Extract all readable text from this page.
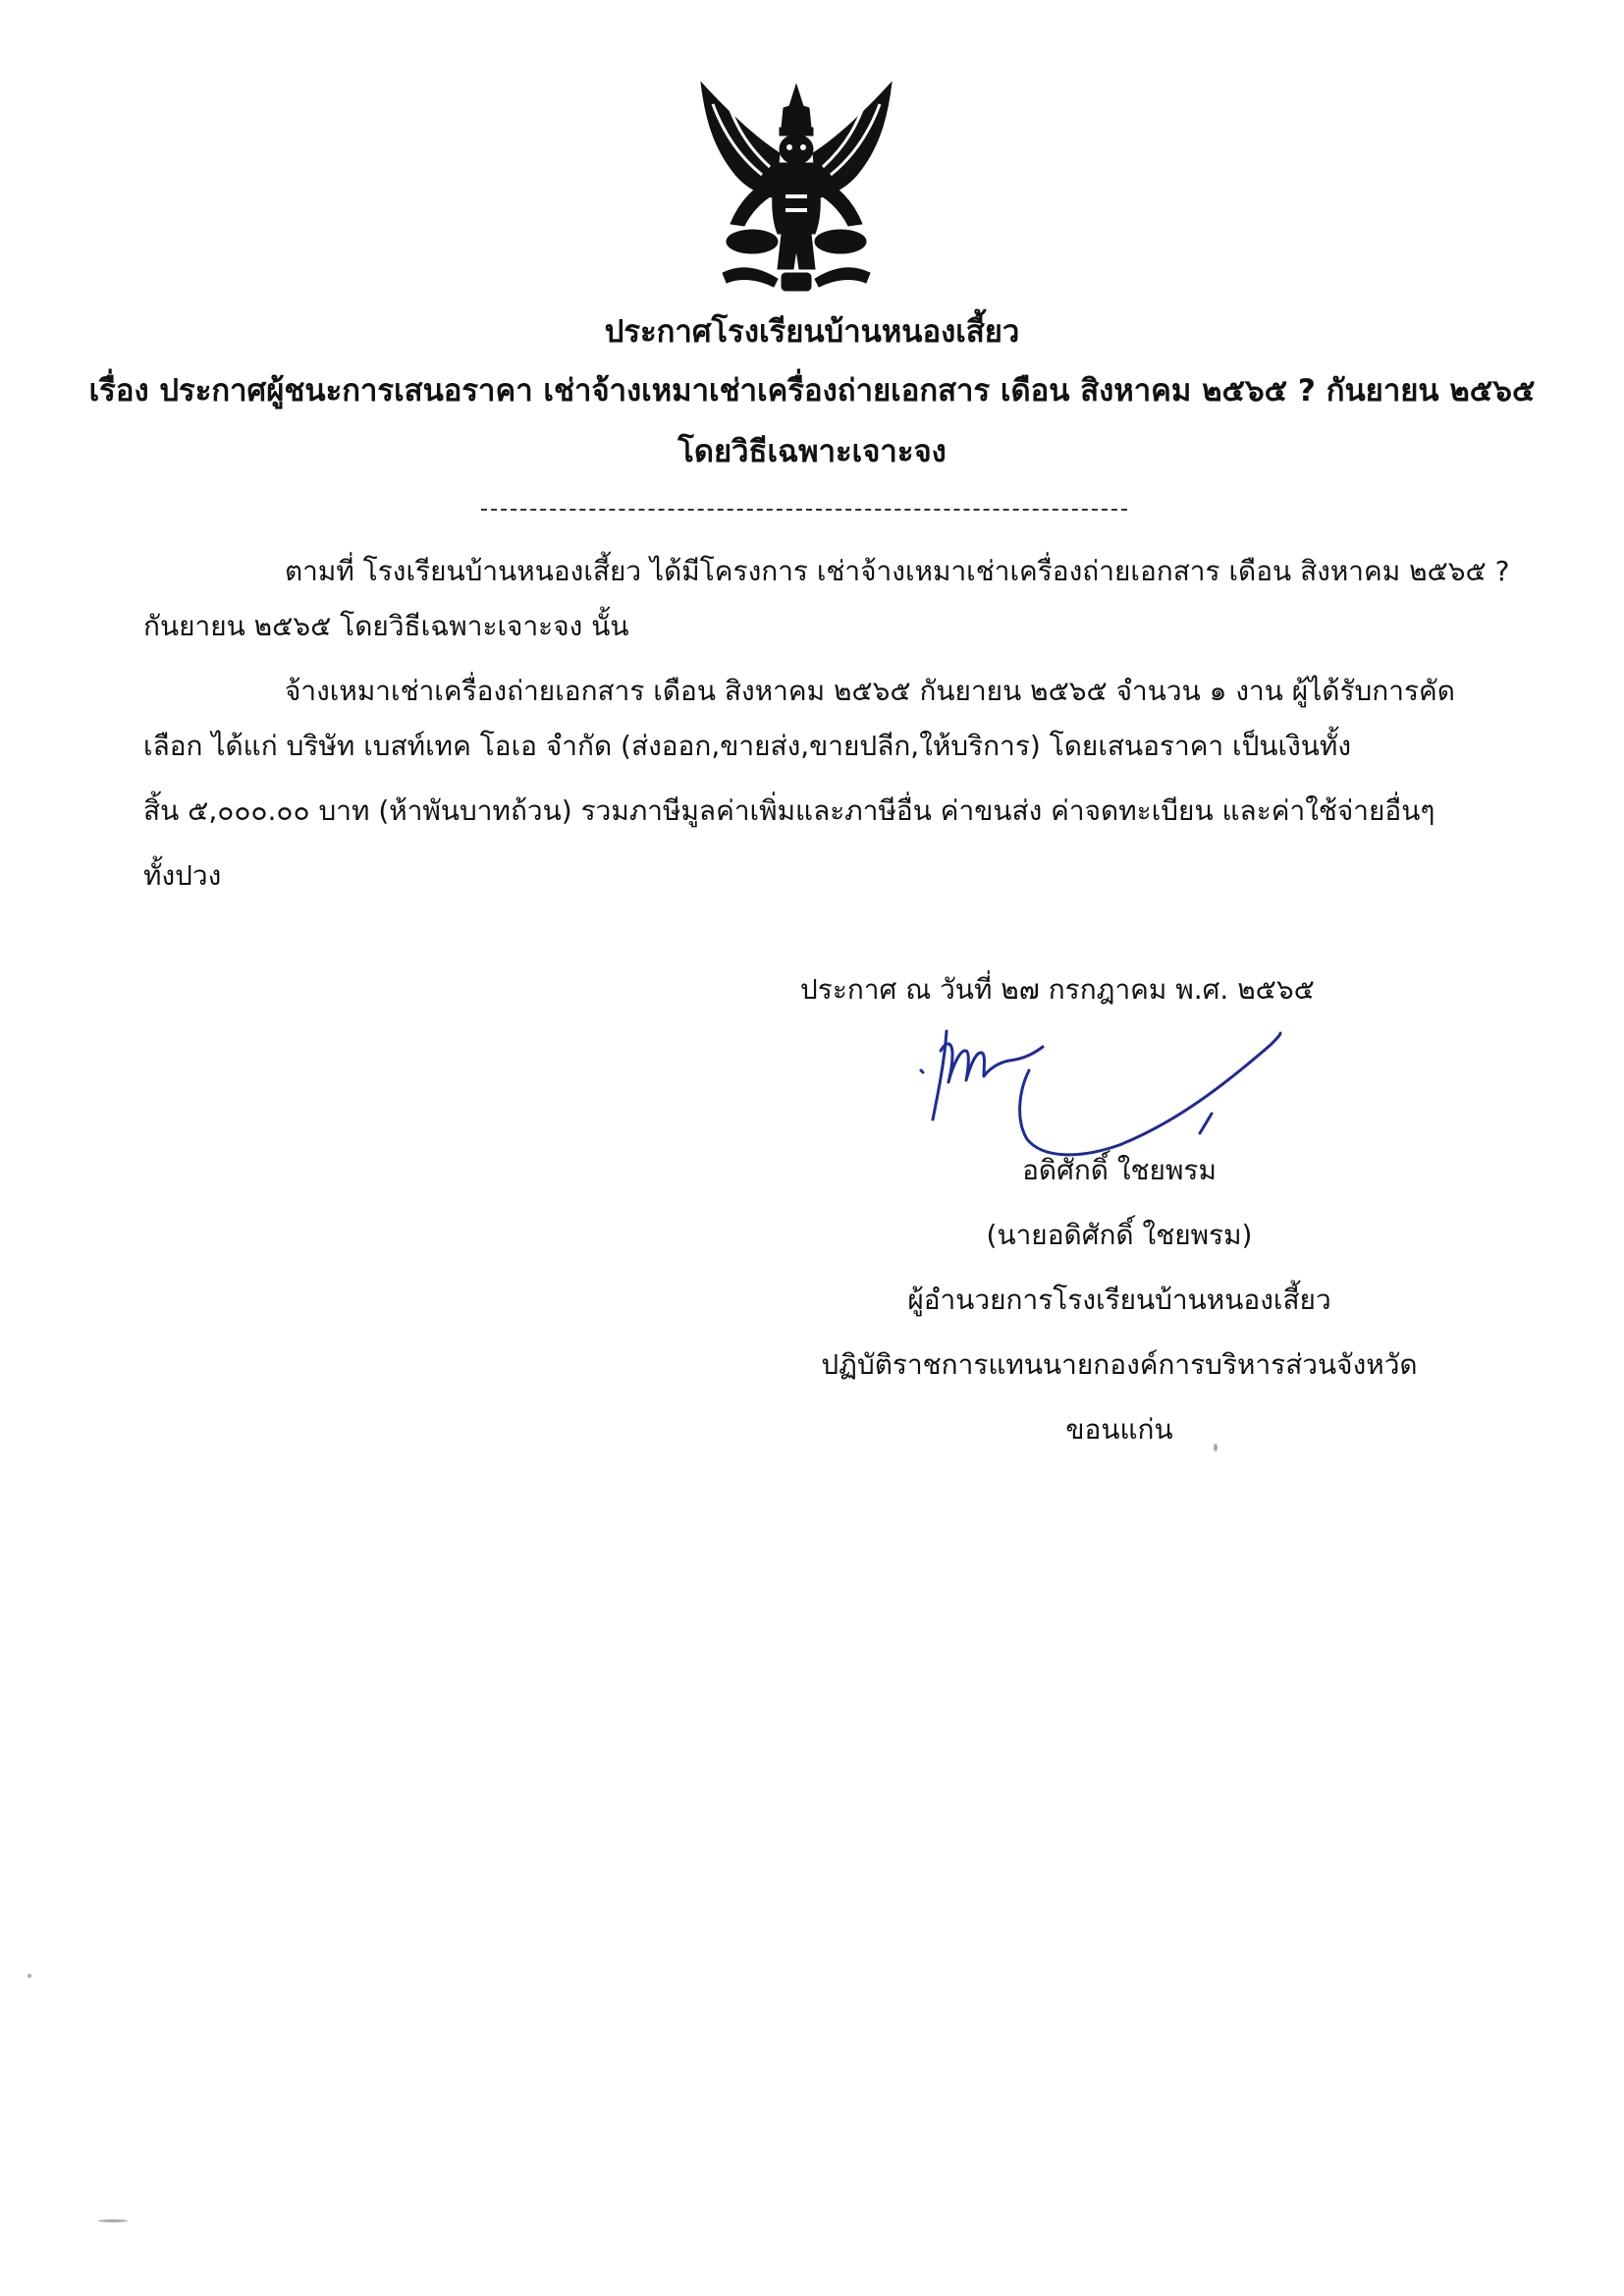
ประกาศโรงเรียนบ้านหนองเสี้ยว
เรื่อง ประกาศผู้ชนะการเสนอราคา เช่าจ้างเหมาเช่าเครื่องถ่ายเอกสาร เดือน สิงหาคม ๒๕๖๕ ? กันยายน ๒๕๖๕
โดยวิธีเฉพาะเจาะจง
ตามที่ โรงเรียนบ้านหนองเสี้ยว ได้มีโครงการ เช่าจ้างเหมาเช่าเครื่องถ่ายเอกสาร เดือน สิงหาคม ๒๕๖๕ ?
กันยายน ๒๕๖๕ โดยวิธีเฉพาะเจาะจง นั้น
จ้างเหมาเช่าเครื่องถ่ายเอกสาร เดือน สิงหาคม ๒๕๖๕ กันยายน ๒๕๖๕ จำนวน ๑ งาน ผู้ได้รับการคัด
เลือก ได้แก่ บริษัท เบสท์เทค โอเอ จำกัด (ส่งออก,ขายส่ง,ขายปลีก,ให้บริการ) โดยเสนอราคา เป็นเงินทั้ง
สิ้น ๕,๐๐๐.๐๐ บาท (ห้าพันบาทถ้วน) รวมภาษีมูลค่าเพิ่มและภาษีอื่น ค่าขนส่ง ค่าจดทะเบียน และค่าใช้จ่ายอื่นๆ
ทั้งปวง
ประกาศ ณ วันที่ ๒๗ กรกฎาคม พ.ศ. ๒๕๖๕
อดิศักดิ์ ใชยพรม
(นายอดิศักดิ์ ใชยพรม)
ผู้อำนวยการโรงเรียนบ้านหนองเสี้ยว
ปฏิบัติราชการแทนนายกองค์การบริหารส่วนจังหวัด
ขอนแก่น
